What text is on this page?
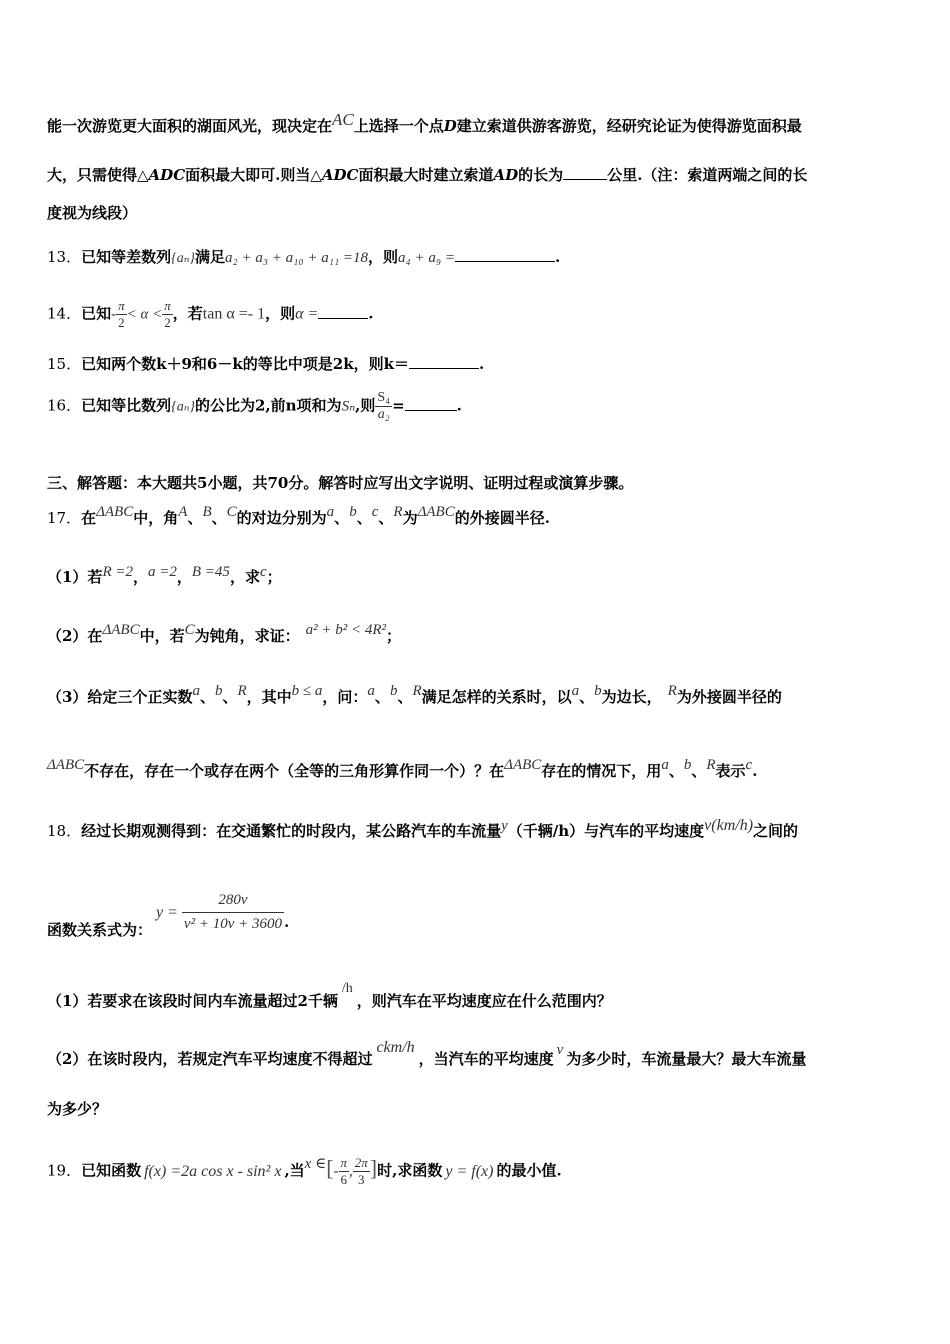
能一次游览更大面积的湖面风光，现决定在AC上选择一个点D建立索道供游客游览，经研究论证为使得游览面积最
大，只需使得△ADC面积最大即可.则当△ADC面积最大时建立索道AD的长为	公里.（注：索道两端之间的长
度视为线段）
13．已知等差数列{aₙ}满足a₂ + a₃ + a₁₀ + a₁₁ =18，则a₄ + a₉ =	.
14．已知- $\frac{\pi}{2} < \alpha < \frac{\pi}{2}$ ，若tan α =- 1，则α =	.
15．已知两个数k＋9和6－k的等比中项是2k，则k＝	.
16．已知等比数列{aₙ}的公比为2,前n项和为Sₙ,则 $\frac{\text{S₄}}{\text{a₂}}$ =	.
三、解答题：本大题共5小题，共70分。解答时应写出文字说明、证明过程或演算步骤。
17．在ΔABC中，角A、B、C的对边分别为a、b、c、R为ΔABC的外接圆半径.
（1）若R =2，a =2，B =45，求c；
（2）在ΔABC中，若C为钝角，求证： a² + b² < 4R²；
（3）给定三个正实数a、b、R，其中b ≤ a，问：a、b、R满足怎样的关系时，以a、b为边长， R为外接圆半径的
ΔABC不存在，存在一个或存在两个（全等的三角形算作同一个）？在ΔABC存在的情况下，用a、b、R表示c.
18．经过长期观测得到：在交通繁忙的时段内，某公路汽车的车流量y（千辆/h）与汽车的平均速度v(km/h)之间的
函数关系式为：$y = \frac{280v}{\text{v² + 10v + 3600}}$ .
（1）若要求在该段时间内车流量超过2千辆/h，则汽车在平均速度应在什么范围内？
（2）在该时段内，若规定汽车平均速度不得超过ckm/h，当汽车的平均速度 v 为多少时，车流量最大？最大车流量
为多少？
19．已知函数 f(x) =2a cos x - sin² x ,当x ∈[- $\frac{\pi}{6}$ , $\frac{2\pi}{3}$ ]时,求函数 y = f(x) 的最小值.
